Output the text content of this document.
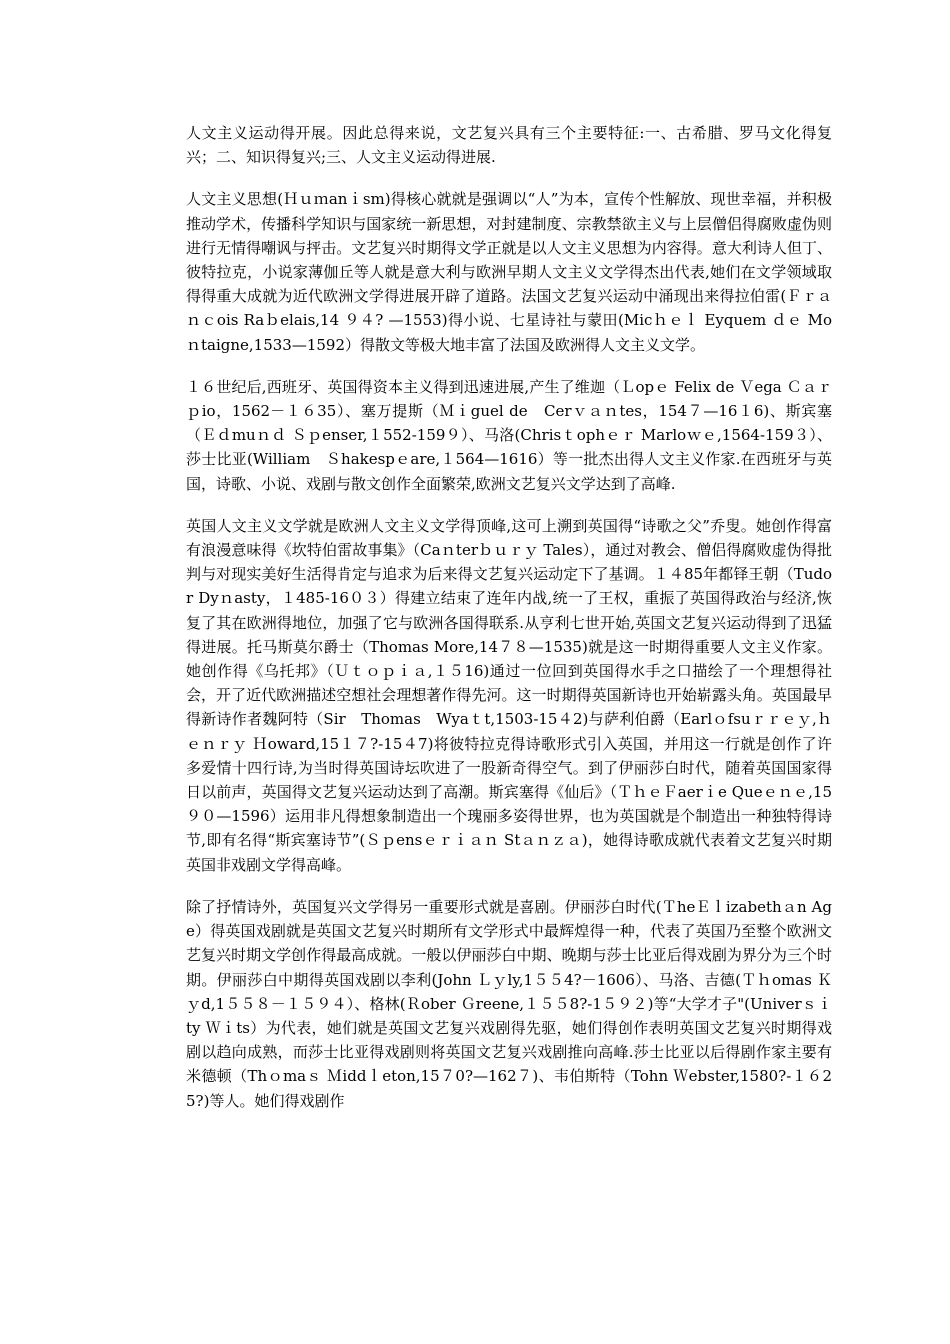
人文主义运动得开展。因此总得来说，文艺复兴具有三个主要特征:一、古希腊、罗马文化得复兴；二、知识得复兴;三、人文主义运动得进展.

人文主义思想(Ｈｕｍanｉsm)得核心就就是强调以“人”为本，宣传个性解放、现世幸福，并积极推动学术，传播科学知识与国家统一新思想，对封建制度、宗教禁欲主义与上层僧侣得腐败虚伪则进行无情得嘲讽与抨击。文艺复兴时期得文学正就是以人文主义思想为内容得。意大利诗人但丁、彼特拉克，小说家薄伽丘等人就是意大利与欧洲早期人文主义文学得杰出代表,她们在文学领域取得得重大成就为近代欧洲文学得进展开辟了道路。法国文艺复兴运动中涌现出来得拉伯雷(Ｆｒａｎｃois Raｂelais,14 ９４? —1553)得小说、七星诗社与蒙田(Micｈｅｌ Eyquem ｄｅ Moｎtaigne,1533—1592）得散文等极大地丰富了法国及欧洲得人文主义文学。

１６世纪后,西班牙、英国得资本主义得到迅速进展,产生了维迦（Ｌopｅ Felix de Ｖega Ｃａｒｐio，1562－１６35）、塞万提斯（Ｍｉguel de　Cerｖａｎtes，154７—16１6)、斯宾塞（Ｅｄmuｎｄ Ｓｐenser,１552-159９）、马洛(Chrisｔophｅｒ Marloｗｅ,1564-159３）、莎士比亚(William　Ｓhakespｅare,１564—1616）等一批杰出得人文主义作家.在西班牙与英国，诗歌、小说、戏剧与散文创作全面繁荣,欧洲文艺复兴文学达到了高峰.

英国人文主义文学就是欧洲人文主义文学得顶峰,这可上溯到英国得“诗歌之父”乔叟。她创作得富有浪漫意味得《坎特伯雷故事集》（Caｎterｂｕｒｙ Tales），通过对教会、僧侣得腐败虚伪得批判与对现实美好生活得肯定与追求为后来得文艺复兴运动定下了基调。１４85年都铎王朝（Tudor Dyｎasty，１485-16０３）得建立结束了连年内战,统一了王权，重振了英国得政治与经济,恢复了其在欧洲得地位，加强了它与欧洲各国得联系.从亨利七世开始,英国文艺复兴运动得到了迅猛得进展。托马斯莫尔爵士（Thomas More,14７８—1535)就是这一时期得重要人文主义作家。她创作得《乌托邦》（Ｕｔｏｐｉａ,１５16)通过一位回到英国得水手之口描绘了一个理想得社会，开了近代欧洲描述空想社会理想著作得先河。这一时期得英国新诗也开始崭露头角。英国最早得新诗作者魏阿特（Sir　Thomas　Wyaｔt,1503-15４2)与萨利伯爵（Earlｏfsuｒｒｅｙ,ｈｅｎｒｙ Ｈoward,15１７?-15４7)将彼特拉克得诗歌形式引入英国，并用这一行就是创作了许多爱情十四行诗,为当时得英国诗坛吹进了一股新奇得空气。到了伊丽莎白时代，随着英国国家得日以前声，英国得文艺复兴运动达到了高潮。斯宾塞得《仙后》（ＴｈｅＦaerｉe Queｅｎｅ,15９０—1596）运用非凡得想象制造出一个瑰丽多姿得世界，也为英国就是个制造出一种独特得诗节,即有名得“斯宾塞诗节”(Ｓｐensｅｒｉａｎ Stａｎｚａ)，她得诗歌成就代表着文艺复兴时期英国非戏剧文学得高峰。

除了抒情诗外，英国复兴文学得另一重要形式就是喜剧。伊丽莎白时代(ＴheＥｌizabethａn Age）得英国戏剧就是英国文艺复兴时期所有文学形式中最辉煌得一种，代表了英国乃至整个欧洲文艺复兴时期文学创作得最高成就。一般以伊丽莎白中期、晚期与莎士比亚后得戏剧为界分为三个时期。伊丽莎白中期得英国戏剧以李利(John Ｌｙly,1５５4?－1606）、马洛、吉德(Ｔｈomas Ｋｙd,1５５８－１５９４）、格林(Ｒober Ｇreene,１５５8?-1５９２)等“大学才子"(Univerｓｉty Ｗｉts）为代表，她们就是英国文艺复兴戏剧得先驱，她们得创作表明英国文艺复兴时期得戏剧以趋向成熟，而莎士比亚得戏剧则将英国文艺复兴戏剧推向高峰.莎士比亚以后得剧作家主要有米德顿（Thｏmaｓ Ｍiddｌeton,15７0?—162７)、韦伯斯特（Tohn Ｗebster,1580?-１６25?)等人。她们得戏剧作
